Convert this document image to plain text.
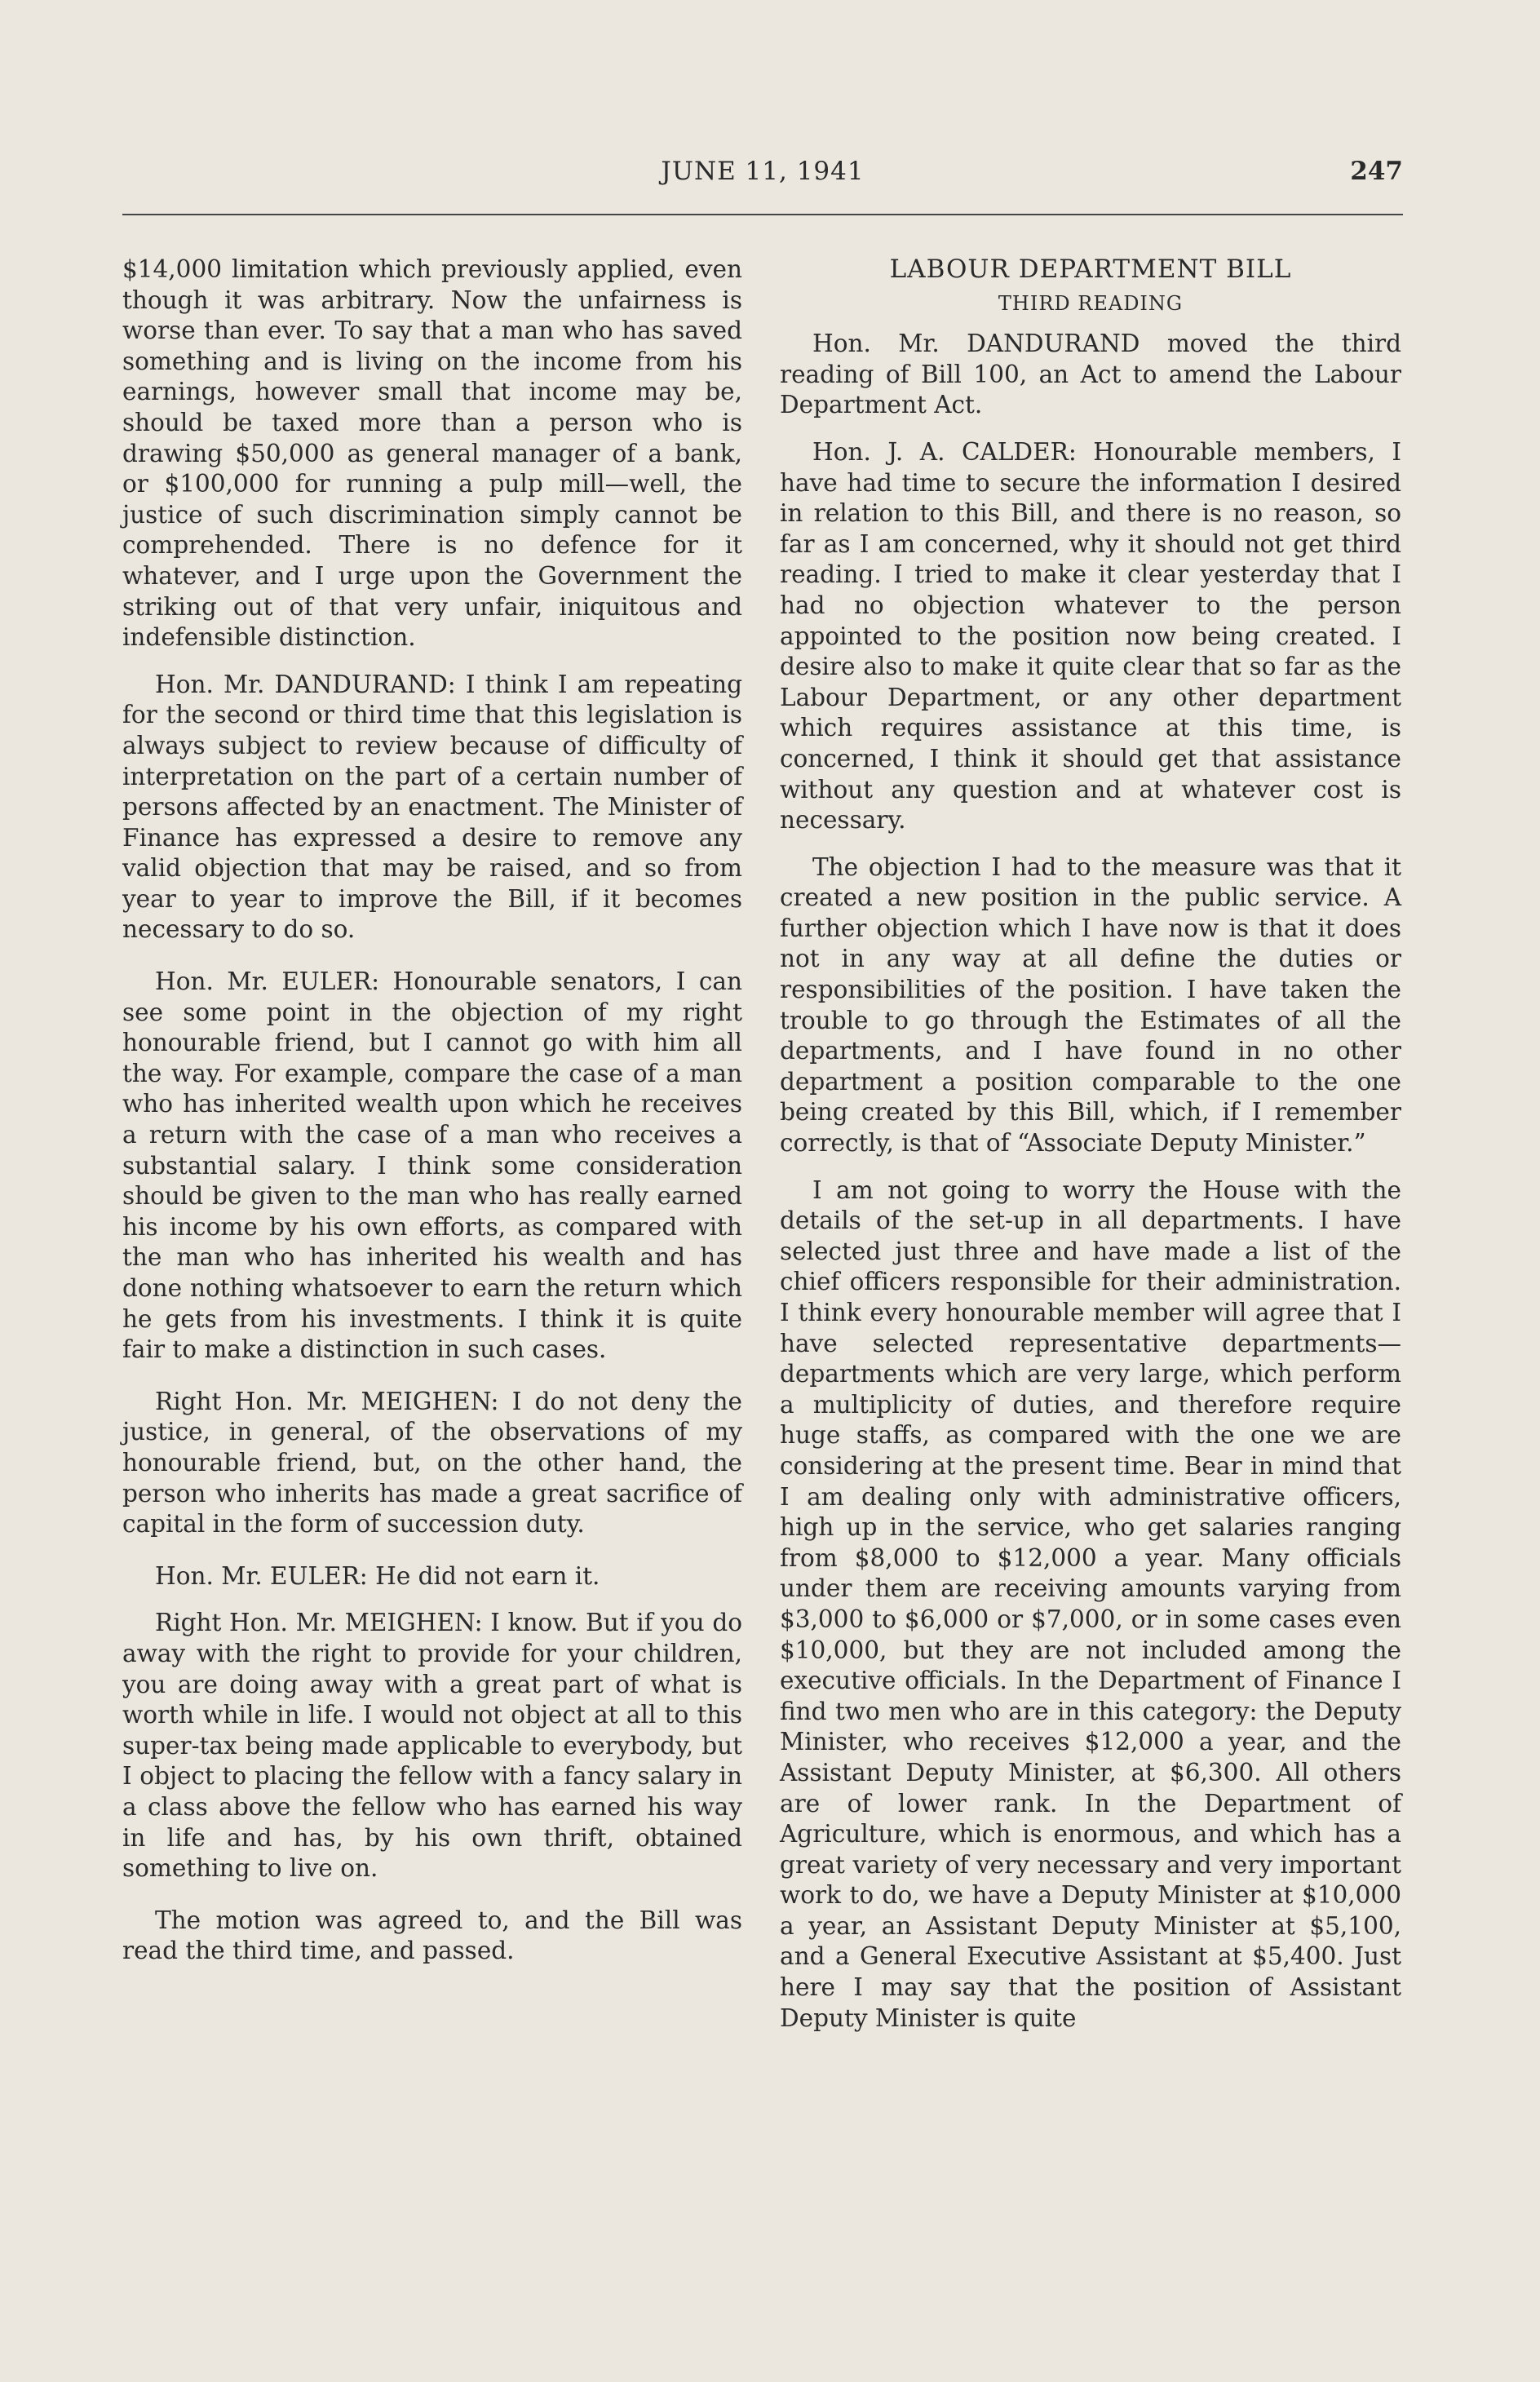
JUNE 11, 1941	247

$14,000 limitation which previously applied, even though it was arbitrary. Now the unfairness is worse than ever. To say that a man who has saved something and is living on the income from his earnings, however small that income may be, should be taxed more than a person who is drawing $50,000 as general manager of a bank, or $100,000 for running a pulp mill—well, the justice of such discrimination simply cannot be comprehended. There is no defence for it whatever, and I urge upon the Government the striking out of that very unfair, iniquitous and indefensible distinction.

Hon. Mr. DANDURAND: I think I am repeating for the second or third time that this legislation is always subject to review because of difficulty of interpretation on the part of a certain number of persons affected by an enactment. The Minister of Finance has expressed a desire to remove any valid objection that may be raised, and so from year to year to improve the Bill, if it becomes necessary to do so.

Hon. Mr. EULER: Honourable senators, I can see some point in the objection of my right honourable friend, but I cannot go with him all the way. For example, compare the case of a man who has inherited wealth upon which he receives a return with the case of a man who receives a substantial salary. I think some consideration should be given to the man who has really earned his income by his own efforts, as compared with the man who has inherited his wealth and has done nothing whatsoever to earn the return which he gets from his investments. I think it is quite fair to make a distinction in such cases.

Right Hon. Mr. MEIGHEN: I do not deny the justice, in general, of the observations of my honourable friend, but, on the other hand, the person who inherits has made a great sacrifice of capital in the form of succession duty.

Hon. Mr. EULER: He did not earn it.

Right Hon. Mr. MEIGHEN: I know. But if you do away with the right to provide for your children, you are doing away with a great part of what is worth while in life. I would not object at all to this super-tax being made applicable to everybody, but I object to placing the fellow with a fancy salary in a class above the fellow who has earned his way in life and has, by his own thrift, obtained something to live on.

The motion was agreed to, and the Bill was read the third time, and passed.

LABOUR DEPARTMENT BILL
THIRD READING

Hon. Mr. DANDURAND moved the third reading of Bill 100, an Act to amend the Labour Department Act.

Hon. J. A. CALDER: Honourable members, I have had time to secure the information I desired in relation to this Bill, and there is no reason, so far as I am concerned, why it should not get third reading. I tried to make it clear yesterday that I had no objection whatever to the person appointed to the position now being created. I desire also to make it quite clear that so far as the Labour Department, or any other department which requires assistance at this time, is concerned, I think it should get that assistance without any question and at whatever cost is necessary.

The objection I had to the measure was that it created a new position in the public service. A further objection which I have now is that it does not in any way at all define the duties or responsibilities of the position. I have taken the trouble to go through the Estimates of all the departments, and I have found in no other department a position comparable to the one being created by this Bill, which, if I remember correctly, is that of “Associate Deputy Minister.”

I am not going to worry the House with the details of the set-up in all departments. I have selected just three and have made a list of the chief officers responsible for their administration. I think every honourable member will agree that I have selected representative departments— departments which are very large, which perform a multiplicity of duties, and therefore require huge staffs, as compared with the one we are considering at the present time. Bear in mind that I am dealing only with administrative officers, high up in the service, who get salaries ranging from $8,000 to $12,000 a year. Many officials under them are receiving amounts varying from $3,000 to $6,000 or $7,000, or in some cases even $10,000, but they are not included among the executive officials. In the Department of Finance I find two men who are in this category: the Deputy Minister, who receives $12,000 a year, and the Assistant Deputy Minister, at $6,300. All others are of lower rank. In the Department of Agriculture, which is enormous, and which has a great variety of very necessary and very important work to do, we have a Deputy Minister at $10,000 a year, an Assistant Deputy Minister at $5,100, and a General Executive Assistant at $5,400. Just here I may say that the position of Assistant Deputy Minister is quite
